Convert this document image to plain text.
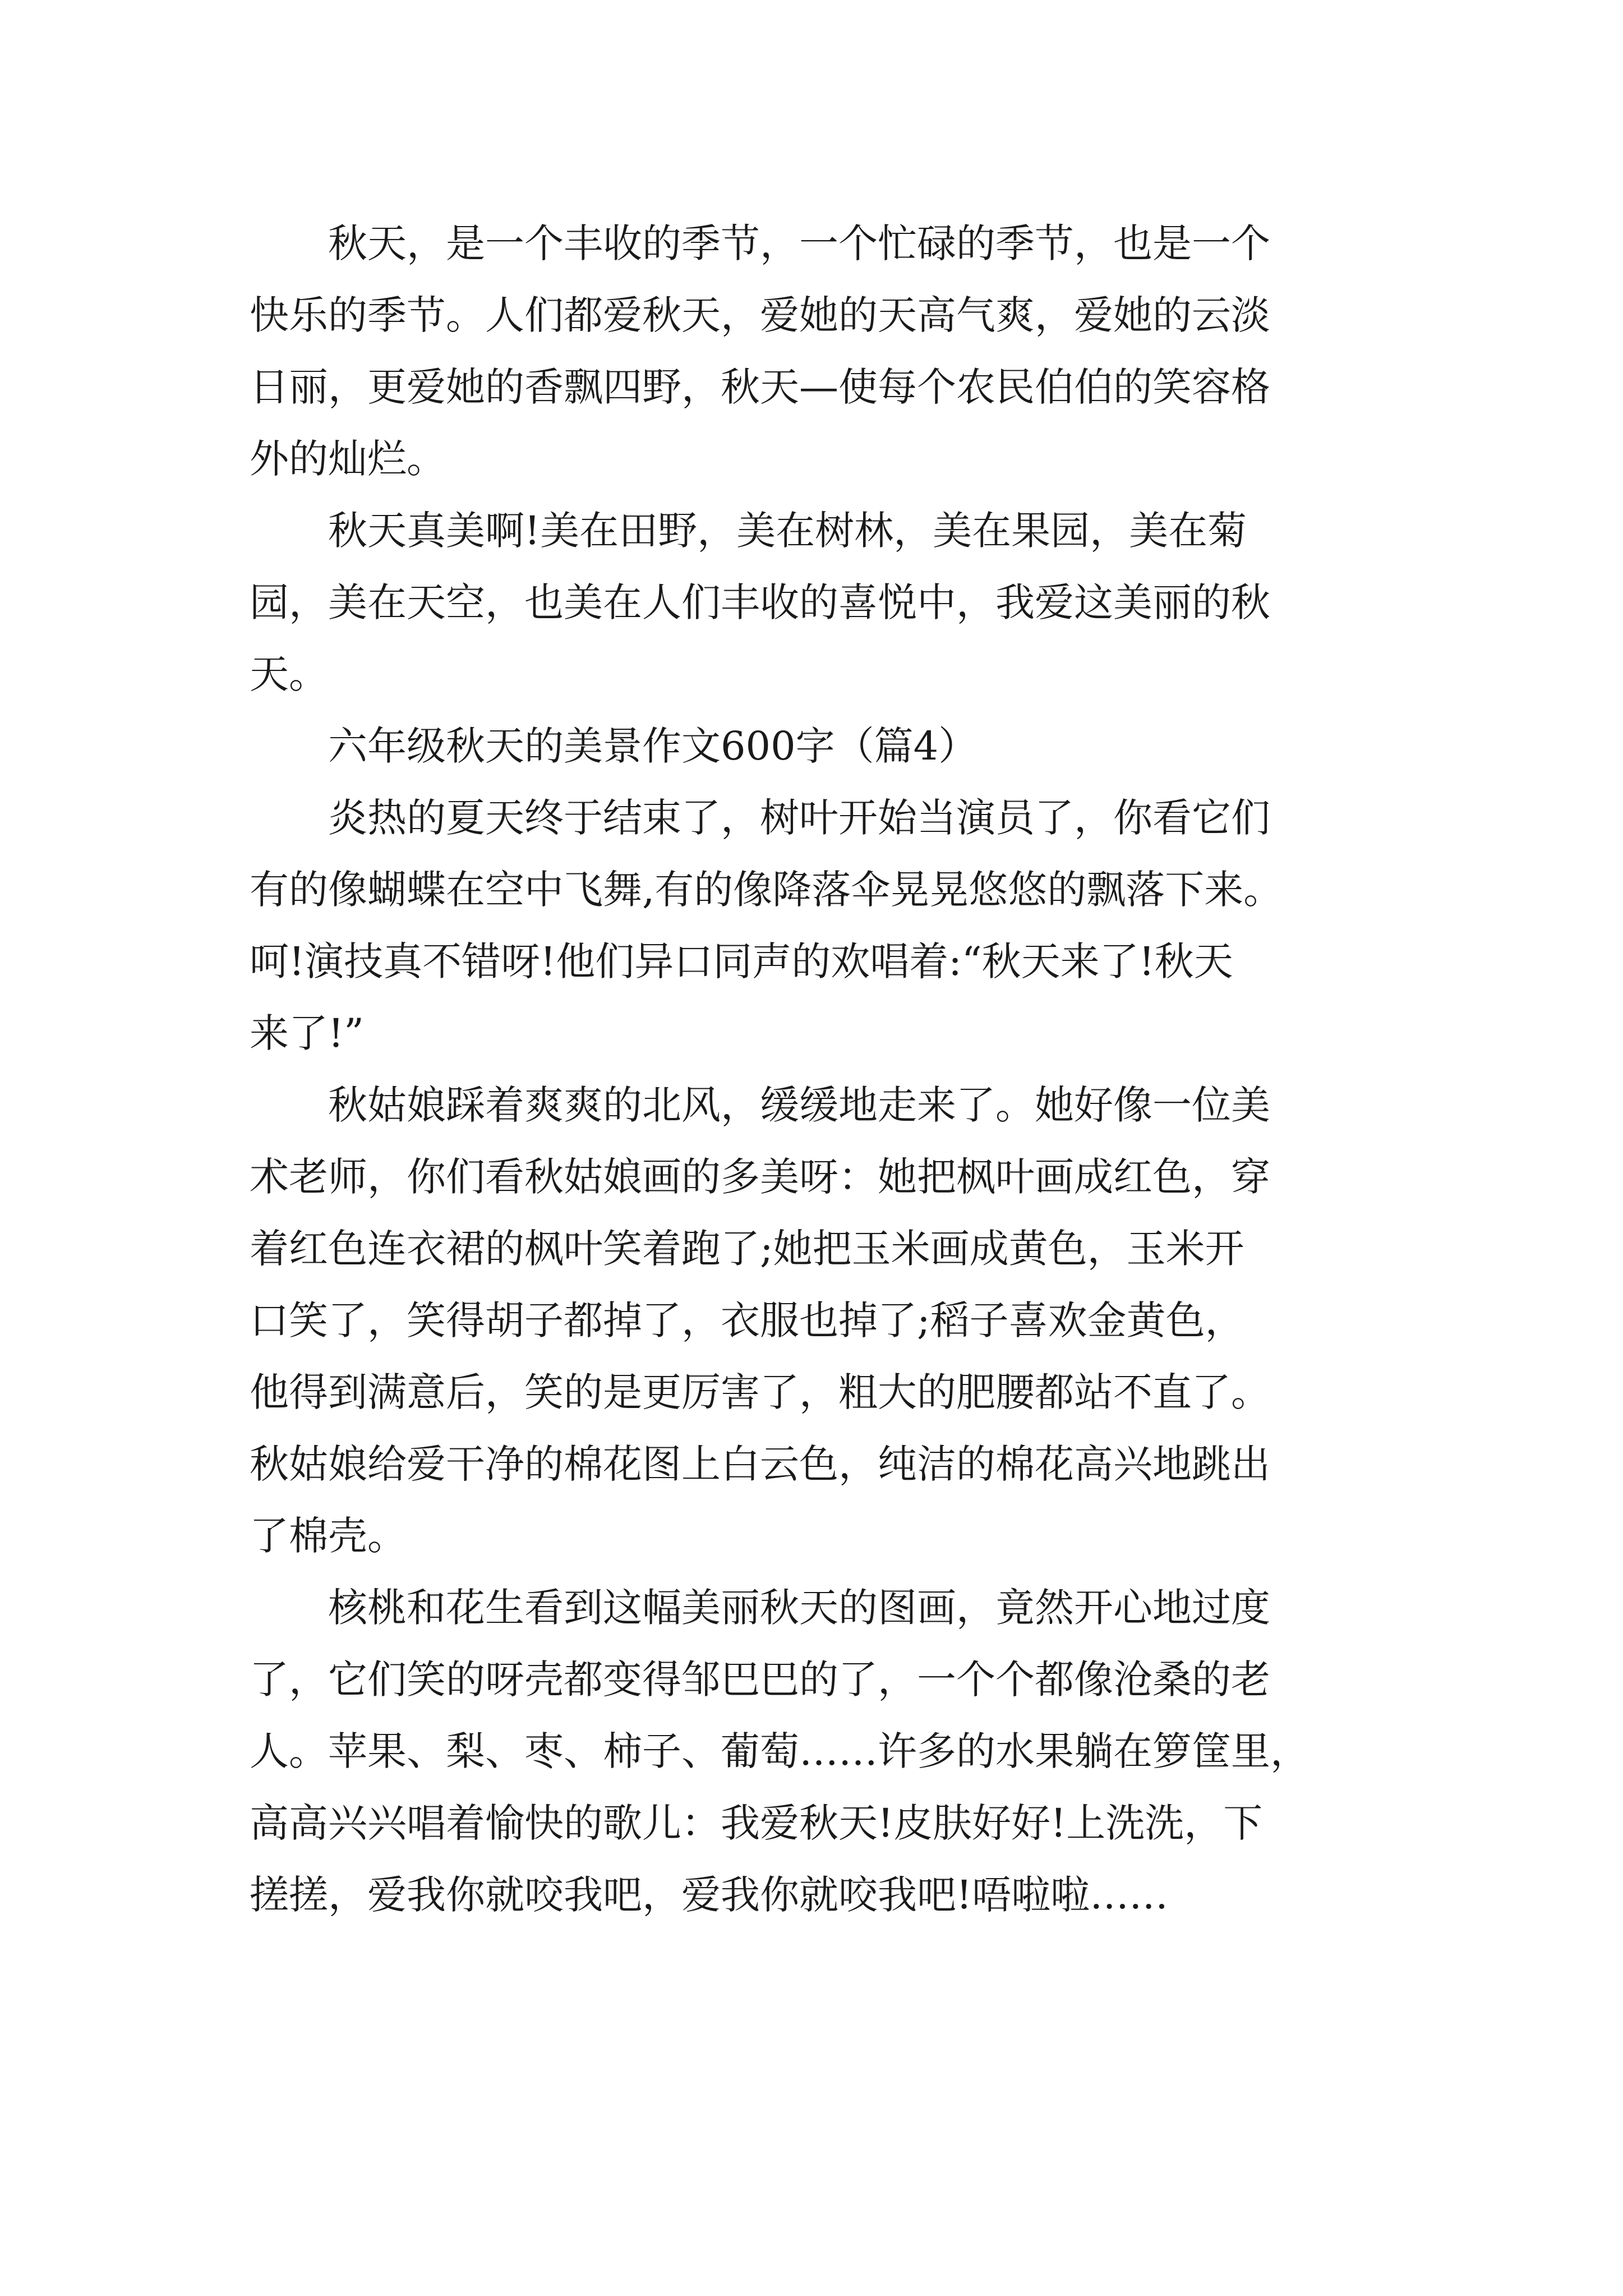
秋天，是一个丰收的季节，一个忙碌的季节，也是一个
快乐的季节。人们都爱秋天，爱她的天高气爽，爱她的云淡
日丽，更爱她的香飘四野，秋天—使每个农民伯伯的笑容格
外的灿烂。

秋天真美啊!美在田野，美在树林，美在果园，美在菊
园，美在天空，也美在人们丰收的喜悦中，我爱这美丽的秋
天。

六年级秋天的美景作文600字（篇4）

炎热的夏天终于结束了，树叶开始当演员了，你看它们
有的像蝴蝶在空中飞舞,有的像降落伞晃晃悠悠的飘落下来。
呵!演技真不错呀!他们异口同声的欢唱着:“秋天来了!秋天
来了!”

秋姑娘踩着爽爽的北风，缓缓地走来了。她好像一位美
术老师，你们看秋姑娘画的多美呀：她把枫叶画成红色，穿
着红色连衣裙的枫叶笑着跑了;她把玉米画成黄色，玉米开
口笑了，笑得胡子都掉了，衣服也掉了;稻子喜欢金黄色，
他得到满意后，笑的是更厉害了，粗大的肥腰都站不直了。
秋姑娘给爱干净的棉花图上白云色，纯洁的棉花高兴地跳出
了棉壳。

核桃和花生看到这幅美丽秋天的图画，竟然开心地过度
了，它们笑的呀壳都变得邹巴巴的了，一个个都像沧桑的老
人。苹果、梨、枣、柿子、葡萄……许多的水果躺在箩筐里，
高高兴兴唱着愉快的歌儿：我爱秋天!皮肤好好!上洗洗，下
搓搓，爱我你就咬我吧，爱我你就咬我吧!唔啦啦……
